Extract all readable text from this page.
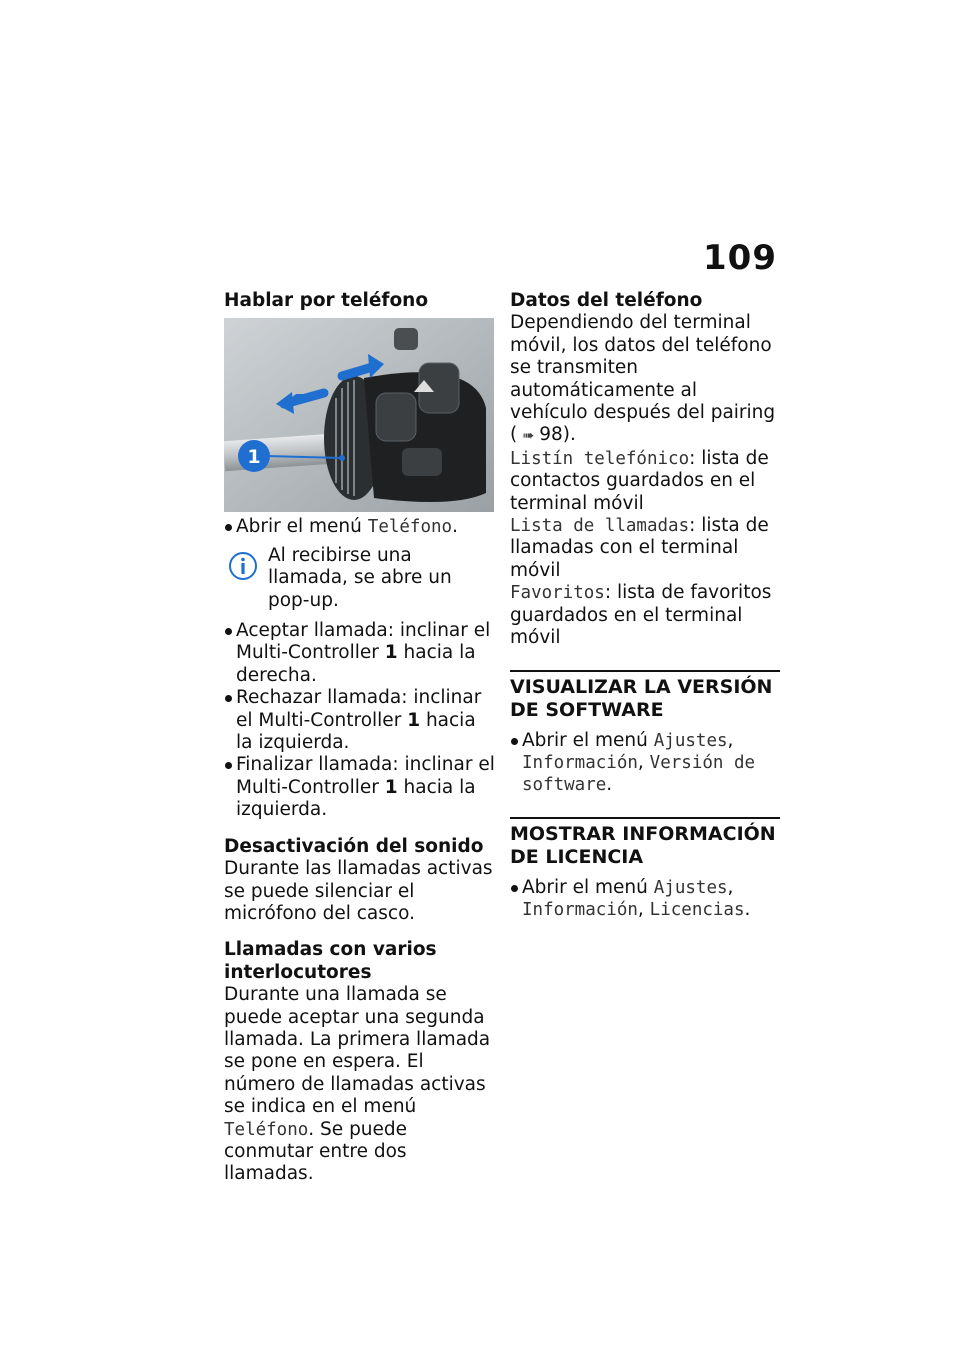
109
Hablar por teléfono
1
Abrir el menú Teléfono.

Al recibirse una llamada, se abre un pop-up.

Aceptar llamada: inclinar el Multi-Controller 1 hacia la derecha.
Rechazar llamada: inclinar el Multi-Controller 1 hacia la izquierda.
Finalizar llamada: inclinar el Multi-Controller 1 hacia la izquierda.
Desactivación del sonido

Durante las llamadas activas se puede silenciar el micrófono del casco.

Llamadas con varios interlocutores

Durante una llamada se puede aceptar una segunda llamada. La primera llamada se pone en espera. El número de llamadas activas se indica en el menú Teléfono. Se puede conmutar entre dos llamadas.

Datos del teléfono

Dependiendo del terminal móvil, los datos del teléfono se transmiten automáticamente al vehículo después del pairing
( ➠ 98).

Listín telefónico: lista de contactos guardados en el terminal móvil

Lista de llamadas: lista de llamadas con el terminal móvil

Favoritos: lista de favoritos guardados en el terminal móvil

VISUALIZAR LA VERSIÓN DE SOFTWARE
Abrir el menú Ajustes, Información, Versión de software.
MOSTRAR INFORMACIÓN DE LICENCIA
Abrir el menú Ajustes, Información, Licencias.
